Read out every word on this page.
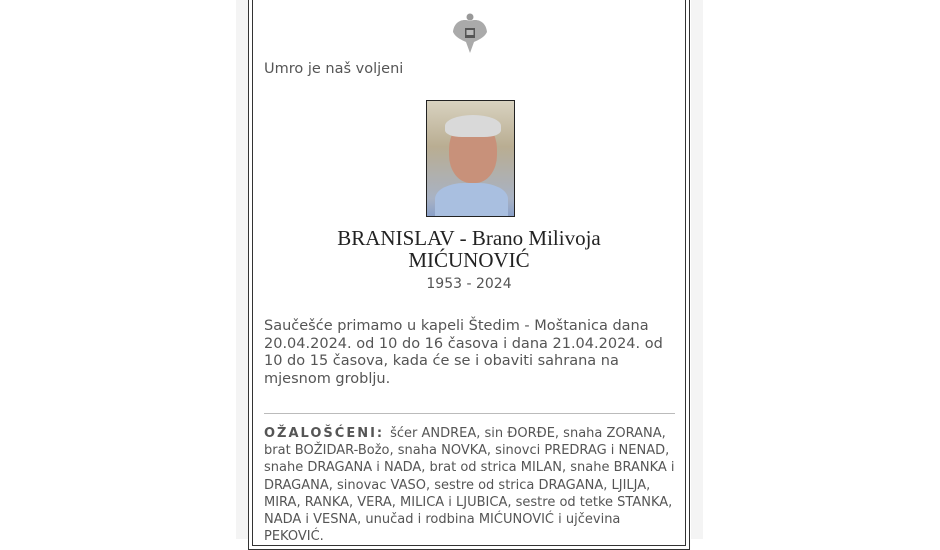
Umro je naš voljeni
BRANISLAV - Brano Milivoja
MIĆUNOVIĆ
1953 - 2024
Saučešće primamo u kapeli Štedim - Moštanica dana 20.04.2024. od 10 do 16 časova i dana 21.04.2024. od 10 do 15 časova, kada će se i obaviti sahrana na mjesnom groblju.
OŽALOŠĆENI: šćer ANDREA, sin ĐORĐE, snaha ZORANA, brat BOŽIDAR-Božo, snaha NOVKA, sinovci PREDRAG i NENAD, snahe DRAGANA i NADA, brat od strica MILAN, snahe BRANKA i DRAGANA, sinovac VASO, sestre od strica DRAGANA, LJILJA, MIRA, RANKA, VERA, MILICA i LJUBICA, sestre od tetke STANKA, NADA i VESNA, unučad i rodbina MIĆUNOVIĆ i ujčevina PEKOVIĆ.
